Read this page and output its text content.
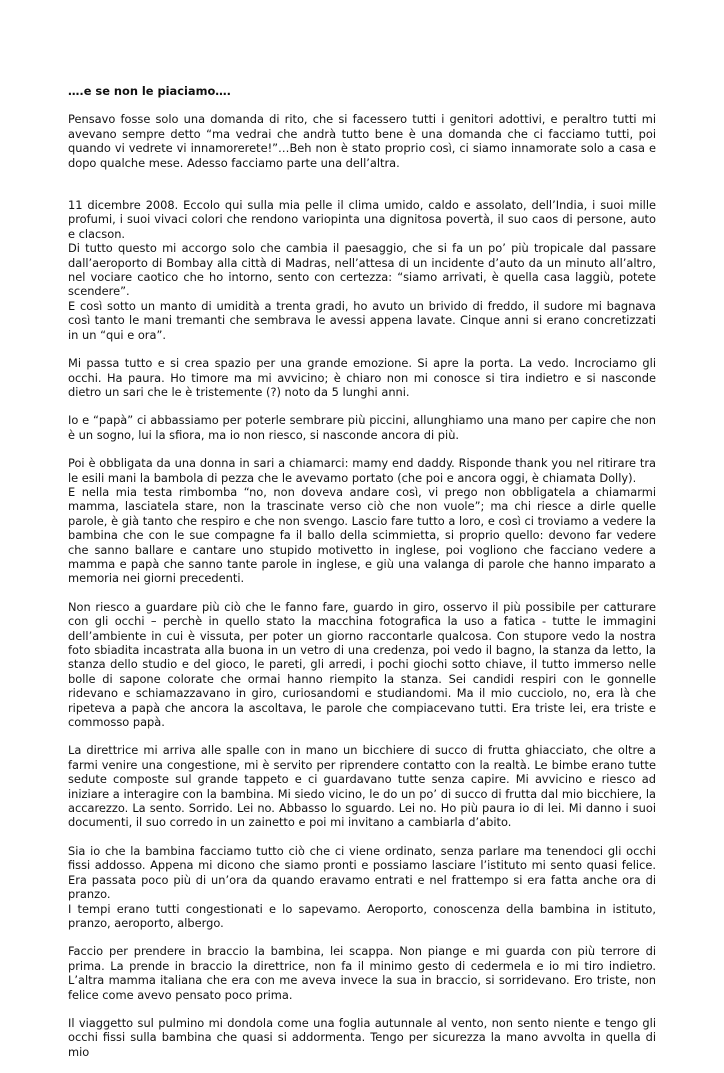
….e se non le piaciamo….
Pensavo fosse solo una domanda di rito, che si facessero tutti i genitori adottivi, e peraltro tutti mi avevano sempre detto “ma vedrai che andrà tutto bene è una domanda che ci facciamo tutti, poi quando vi vedrete vi innamorerete!”…Beh non è stato proprio così, ci siamo innamorate solo a casa e dopo qualche mese. Adesso facciamo parte una dell’altra.
11 dicembre 2008. Eccolo qui sulla mia pelle il clima umido, caldo e assolato, dell’India, i suoi mille profumi, i suoi vivaci colori che rendono variopinta una dignitosa povertà, il suo caos di persone, auto e clacson.
Di tutto questo mi accorgo solo che cambia il paesaggio, che si fa un po’ più tropicale dal passare dall’aeroporto di Bombay alla città di Madras, nell’attesa di un incidente d’auto da un minuto all’altro, nel vociare caotico che ho intorno, sento con certezza: “siamo arrivati, è quella casa laggiù, potete scendere”.
E così sotto un manto di umidità a trenta gradi, ho avuto un brivido di freddo, il sudore mi bagnava così tanto le mani tremanti che sembrava le avessi appena lavate. Cinque anni si erano concretizzati in un “qui e ora”.
Mi passa tutto e si crea spazio per una grande emozione. Si apre la porta. La vedo. Incrociamo gli occhi. Ha paura. Ho timore ma mi avvicino; è chiaro non mi conosce si tira indietro e si nasconde dietro un sari che le è tristemente (?) noto da 5 lunghi anni.
Io e “papà” ci abbassiamo per poterle sembrare più piccini, allunghiamo una mano per capire che non è un sogno, lui la sfiora, ma io non riesco, si nasconde ancora di più.
Poi è obbligata da una donna in sari a chiamarci: mamy end daddy. Risponde thank you nel ritirare tra le esili mani la bambola di pezza che le avevamo portato (che poi e ancora oggi, è chiamata Dolly).
E nella mia testa rimbomba “no, non doveva andare così, vi prego non obbligatela a chiamarmi mamma, lasciatela stare, non la trascinate verso ciò che non vuole”; ma chi riesce a dirle quelle parole, è già tanto che respiro e che non svengo. Lascio fare tutto a loro, e così ci troviamo a vedere la bambina che con le sue compagne fa il ballo della scimmietta, si proprio quello: devono far vedere che sanno ballare e cantare uno stupido motivetto in inglese, poi vogliono che facciano vedere a mamma e papà che sanno tante parole in inglese, e giù una valanga di parole che hanno imparato a memoria nei giorni precedenti.
Non riesco a guardare più ciò che le fanno fare, guardo in giro, osservo il più possibile per catturare con gli occhi – perchè in quello stato la macchina fotografica la uso a fatica - tutte le immagini dell’ambiente in cui è vissuta, per poter un giorno raccontarle qualcosa. Con stupore vedo la nostra foto sbiadita incastrata alla buona in un vetro di una credenza, poi vedo il bagno, la stanza da letto, la stanza dello studio e del gioco, le pareti, gli arredi, i pochi giochi sotto chiave, il tutto immerso nelle bolle di sapone colorate che ormai hanno riempito la stanza. Sei candidi respiri con le gonnelle ridevano e schiamazzavano in giro, curiosandomi e studiandomi. Ma il mio cucciolo, no, era là che ripeteva a papà che ancora la ascoltava, le parole che compiacevano tutti. Era triste lei, era triste e commosso papà.
La direttrice mi arriva alle spalle con in mano un bicchiere di succo di frutta ghiacciato, che oltre a farmi venire una congestione, mi è servito per riprendere contatto con la realtà. Le bimbe erano tutte sedute composte sul grande tappeto e ci guardavano tutte senza capire. Mi avvicino e riesco ad iniziare a interagire con la bambina. Mi siedo vicino, le do un po’ di succo di frutta dal mio bicchiere, la accarezzo. La sento. Sorrido. Lei no. Abbasso lo sguardo. Lei no. Ho più paura io di lei. Mi danno i suoi documenti, il suo corredo in un zainetto e poi mi invitano a cambiarla d’abito.
Sia io che la bambina facciamo tutto ciò che ci viene ordinato, senza parlare ma tenendoci gli occhi fissi addosso. Appena mi dicono che siamo pronti e possiamo lasciare l’istituto mi sento quasi felice. Era passata poco più di un’ora da quando eravamo entrati e nel frattempo si era fatta anche ora di pranzo.
I tempi erano tutti congestionati e lo sapevamo. Aeroporto, conoscenza della bambina in istituto, pranzo, aeroporto, albergo.
Faccio per prendere in braccio la bambina, lei scappa. Non piange e mi guarda con più terrore di prima. La prende in braccio la direttrice, non fa il minimo gesto di cedermela e io mi tiro indietro. L’altra mamma italiana che era con me aveva invece la sua in braccio, si sorridevano. Ero triste, non felice come avevo pensato poco prima.
Il viaggetto sul pulmino mi dondola come una foglia autunnale al vento, non sento niente e tengo gli occhi fissi sulla bambina che quasi si addormenta. Tengo per sicurezza la mano avvolta in quella di mio
